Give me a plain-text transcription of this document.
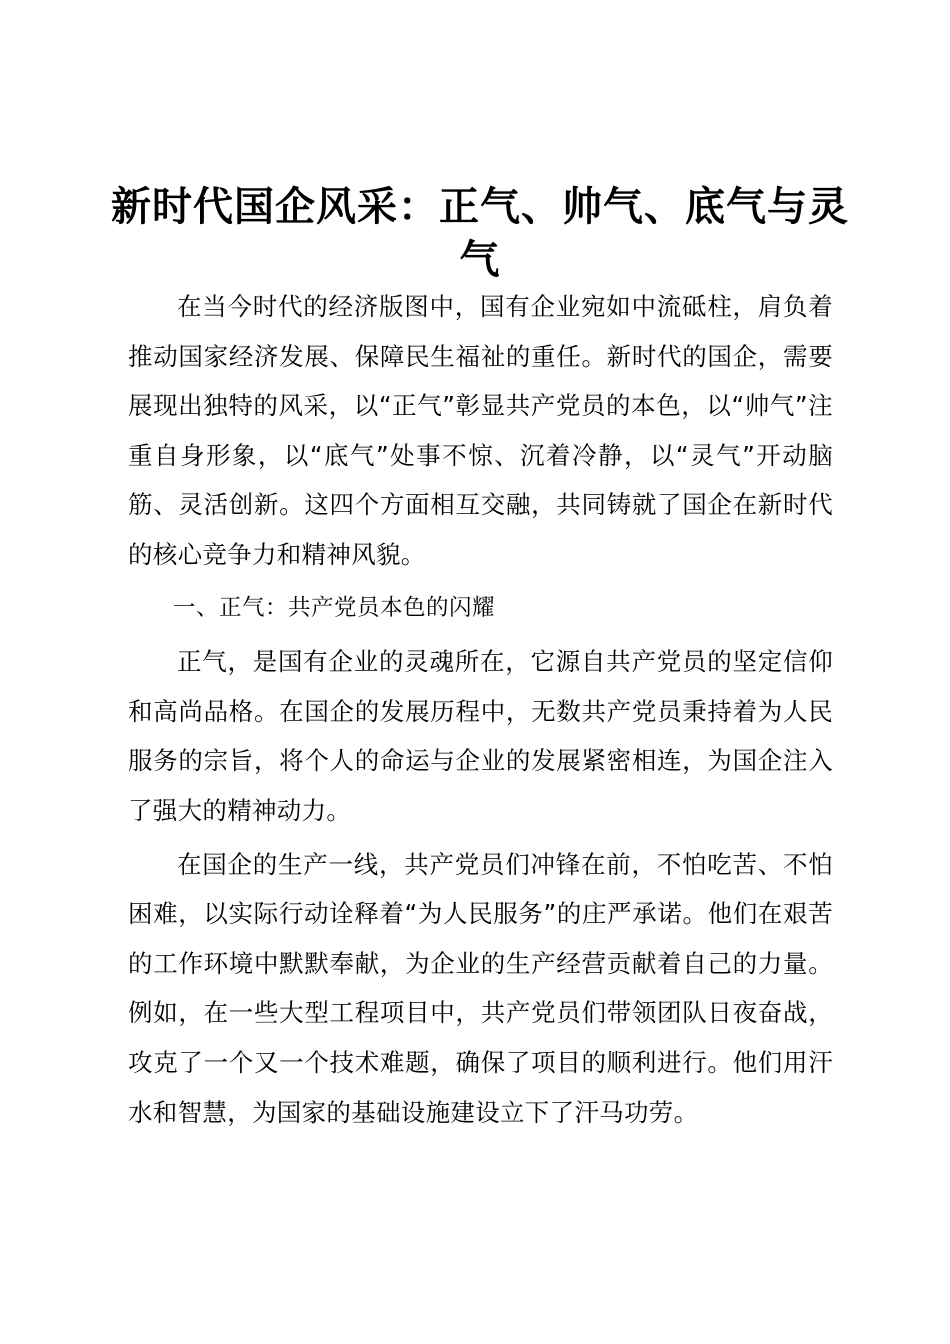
新时代国企风采：正气、帅气、底气与灵气

在当今时代的经济版图中，国有企业宛如中流砥柱，肩负着推动国家经济发展、保障民生福祉的重任。新时代的国企，需要展现出独特的风采，以“正气”彰显共产党员的本色，以“帅气”注重自身形象，以“底气”处事不惊、沉着冷静，以“灵气”开动脑筋、灵活创新。这四个方面相互交融，共同铸就了国企在新时代的核心竞争力和精神风貌。

一、正气：共产党员本色的闪耀

正气，是国有企业的灵魂所在，它源自共产党员的坚定信仰和高尚品格。在国企的发展历程中，无数共产党员秉持着为人民服务的宗旨，将个人的命运与企业的发展紧密相连，为国企注入了强大的精神动力。

在国企的生产一线，共产党员们冲锋在前，不怕吃苦、不怕困难，以实际行动诠释着“为人民服务”的庄严承诺。他们在艰苦的工作环境中默默奉献，为企业的生产经营贡献着自己的力量。例如，在一些大型工程项目中，共产党员们带领团队日夜奋战，攻克了一个又一个技术难题，确保了项目的顺利进行。他们用汗水和智慧，为国家的基础设施建设立下了汗马功劳。
